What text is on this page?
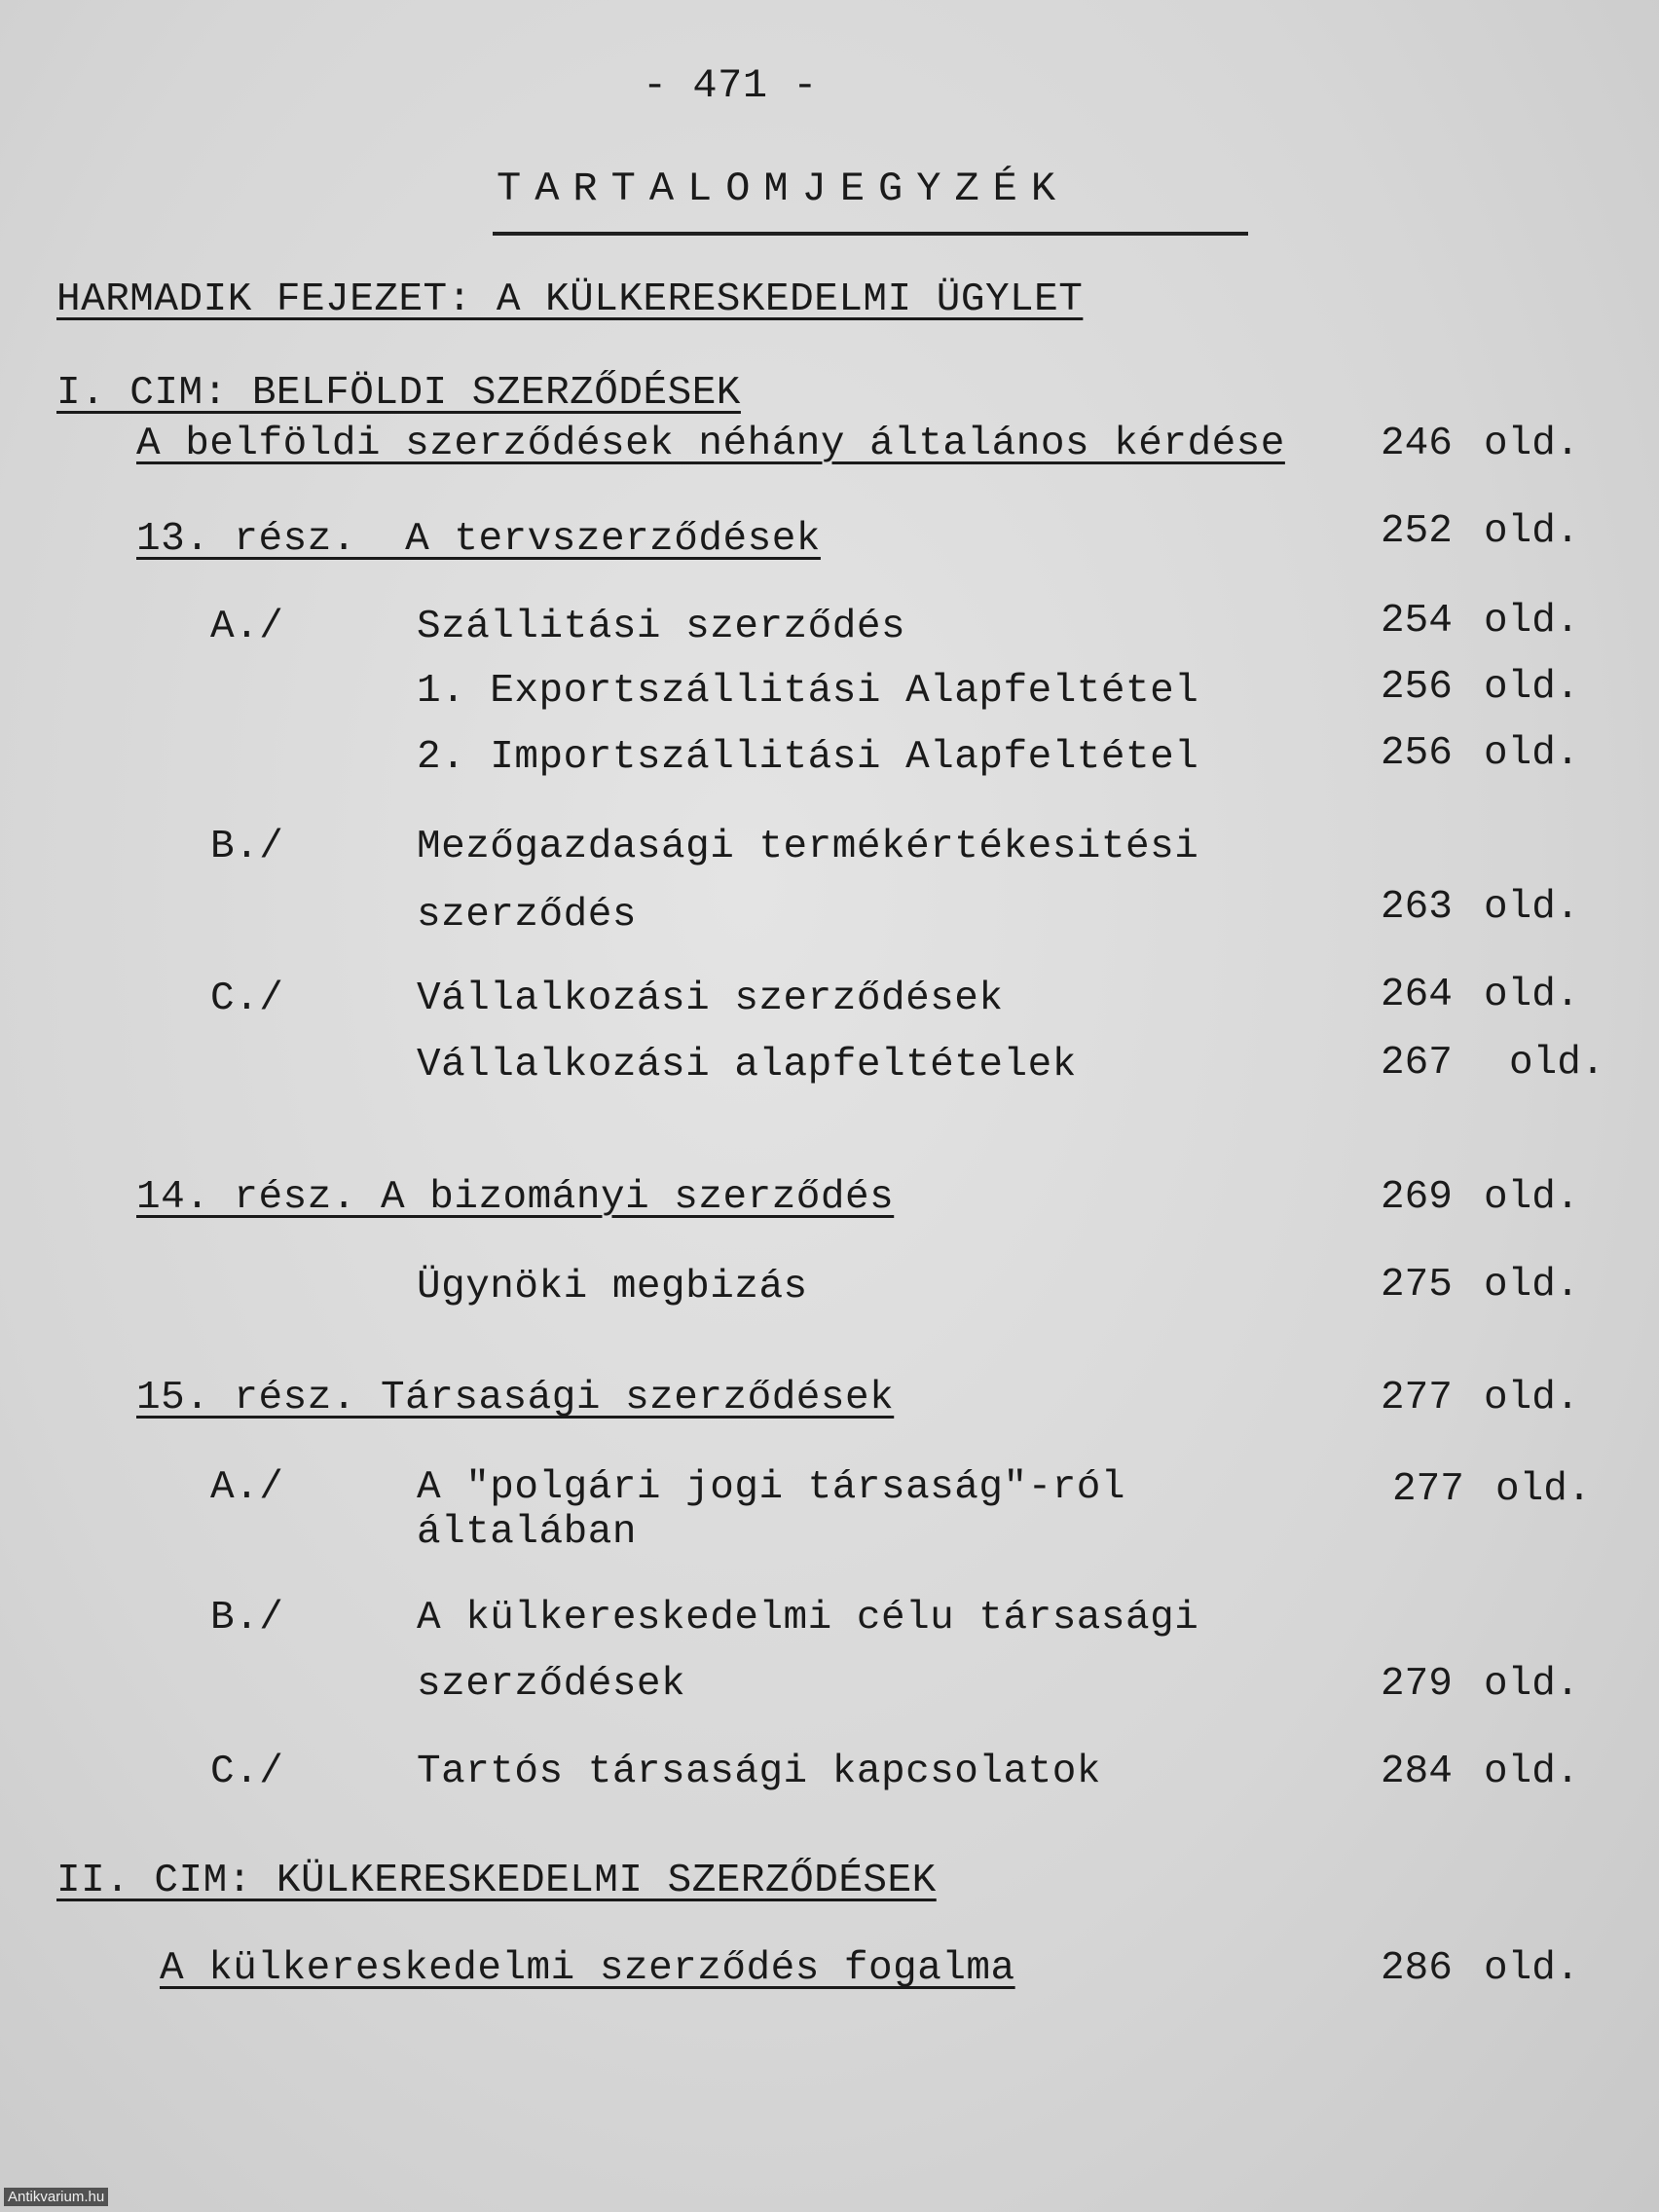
- 471 -
TARTALOMJEGYZÉK
HARMADIK FEJEZET: A KÜLKERESKEDELMI ÜGYLET
I. CIM: BELFÖLDI SZERZŐDÉSEK
A belföldi szerződések néhány általános kérdése 246 old.
13. rész.  A tervszerződések	252 old.
A./	Szállitási szerződés	254 old.
1. Exportszállitási Alapfeltétel	256 old.
2. Importszállitási Alapfeltétel	256 old.
B./	Mezőgazdasági termékértékesitési
szerződés	263 old.
C./	Vállalkozási szerződések	264 old.
Vállalkozási alapfeltételek	267 old.
14. rész. A bizományi szerződés	269 old.
Ügynöki megbizás	275 old.
15. rész. Társasági szerződések	277 old.
A./	A "polgári jogi társaság"-ról	277 old.
általában
B./	A külkereskedelmi célu társasági
szerződések	279 old.
C./	Tartós társasági kapcsolatok	284 old.
II. CIM: KÜLKERESKEDELMI SZERZŐDÉSEK
A külkereskedelmi szerződés fogalma	286 old.
Antikvarium.hu
